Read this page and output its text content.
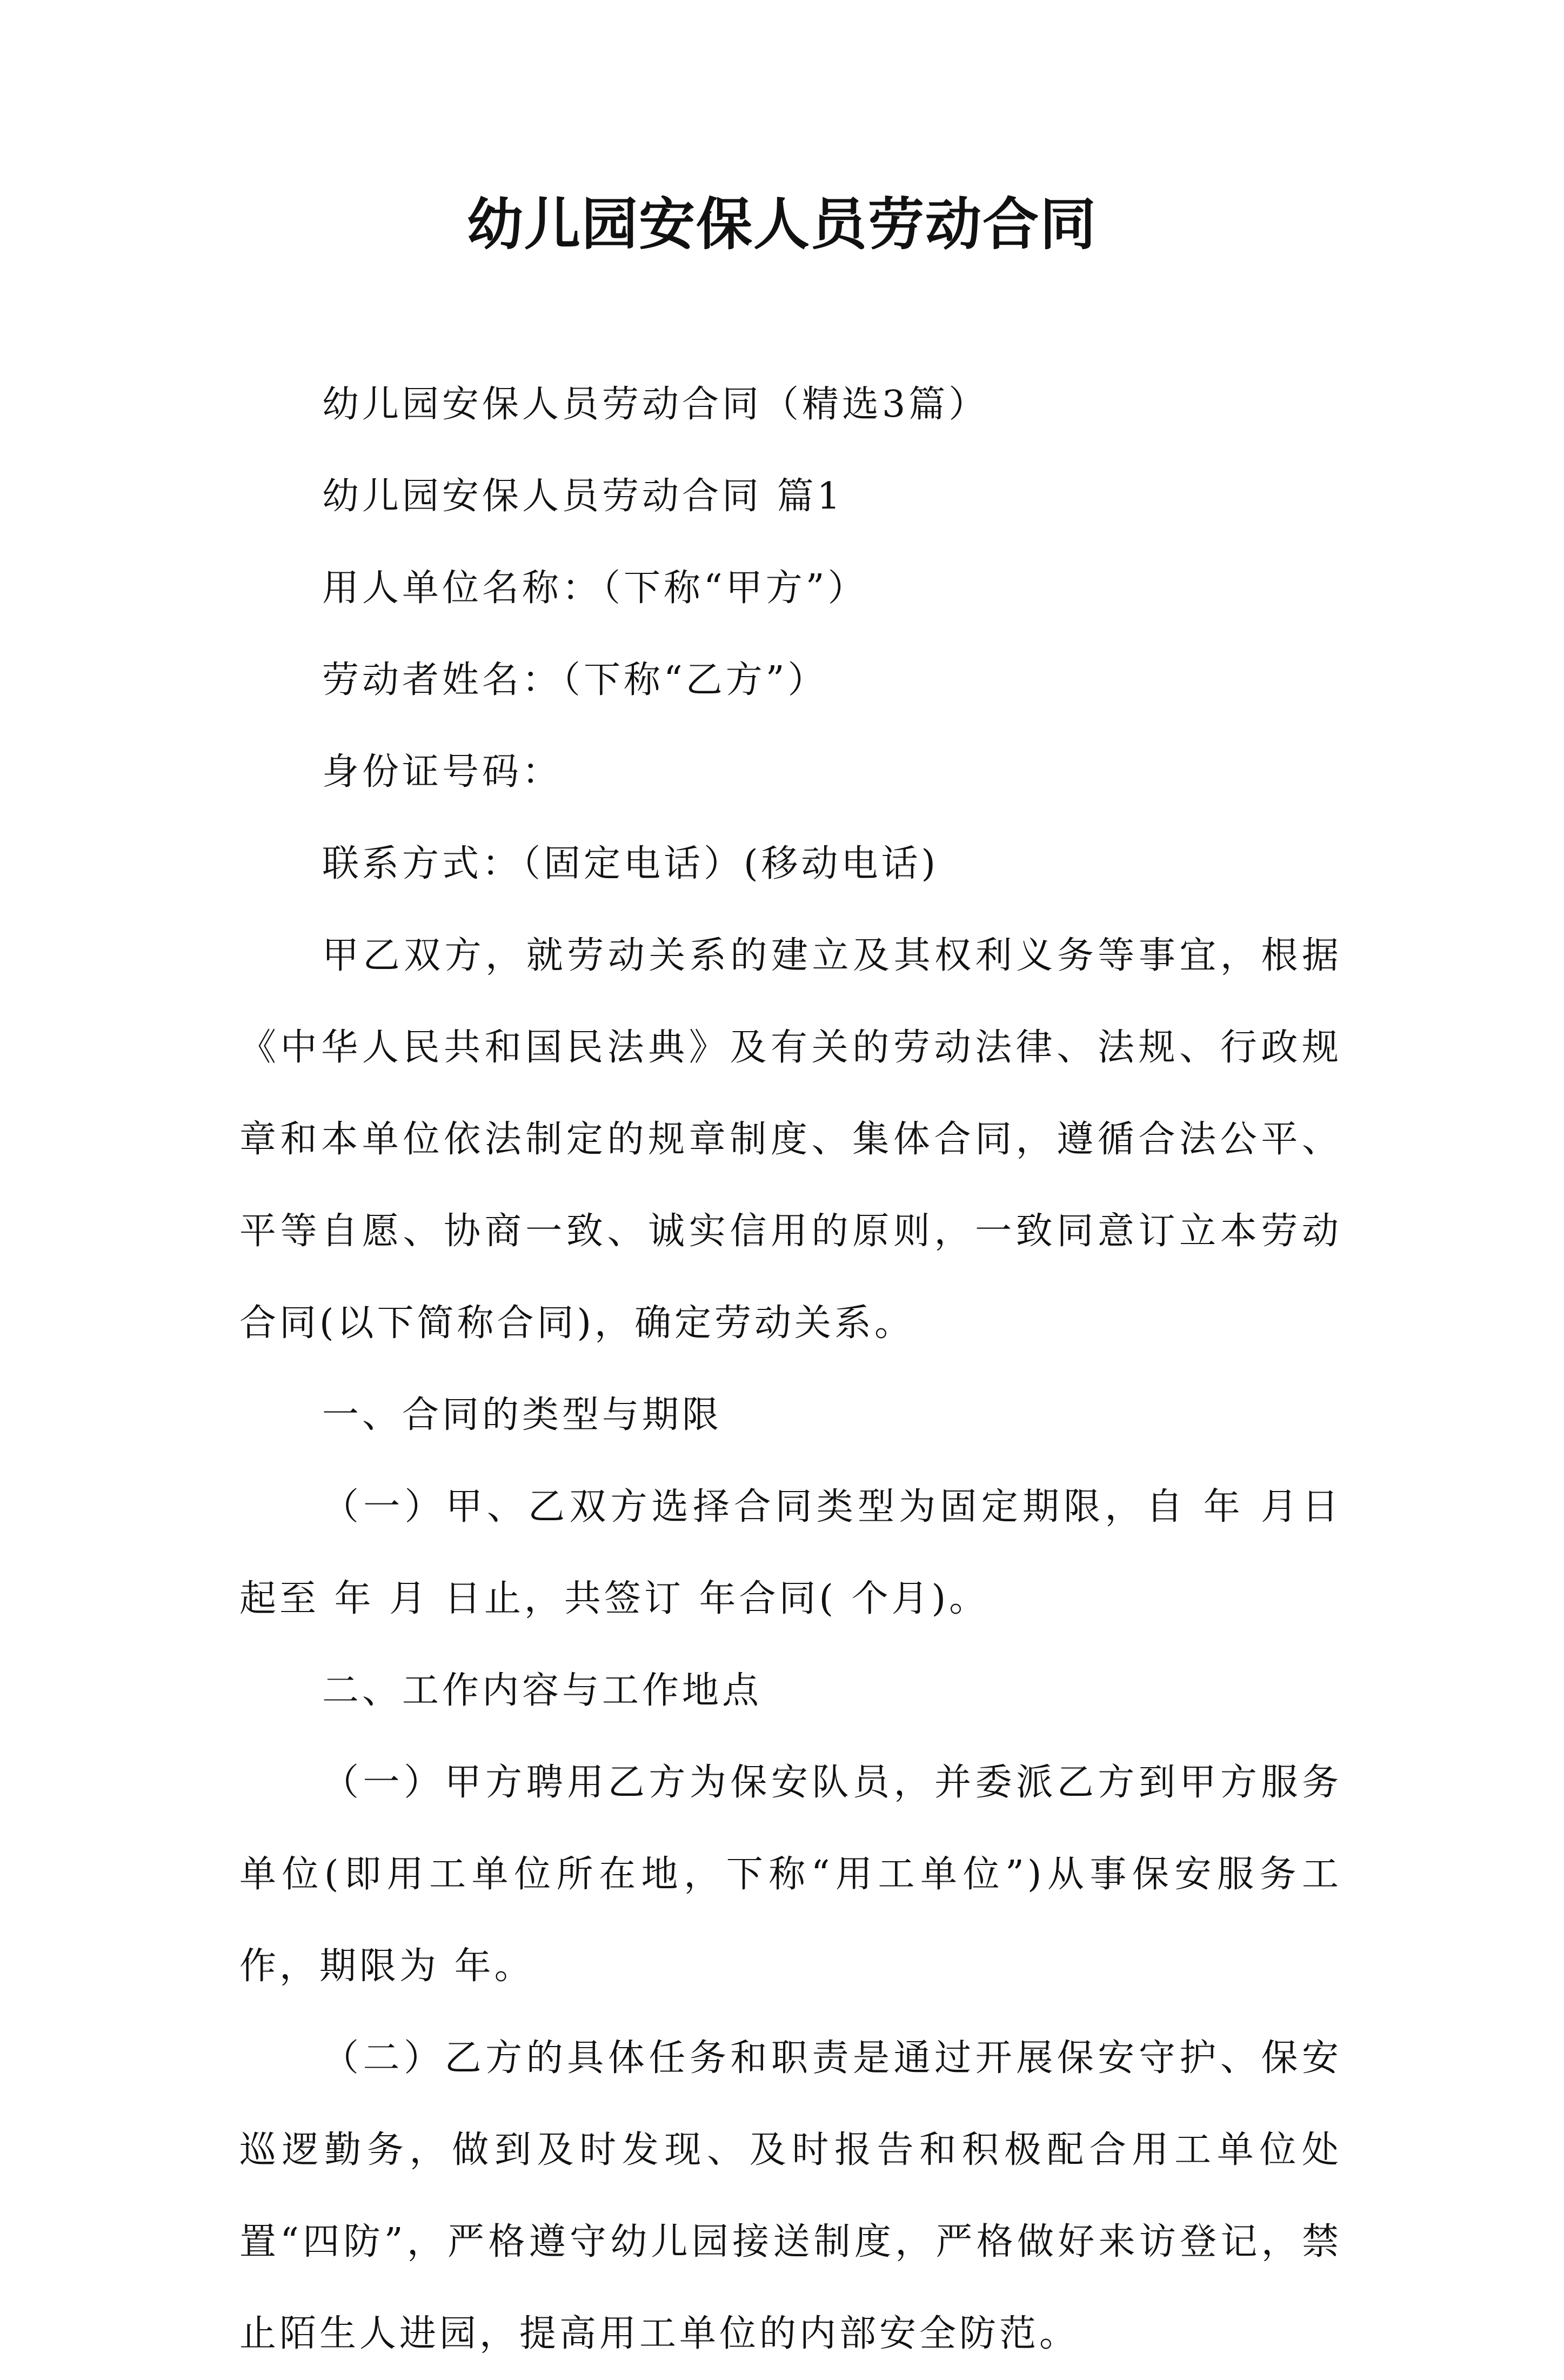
幼儿园安保人员劳动合同

幼儿园安保人员劳动合同（精选3篇）

幼儿园安保人员劳动合同 篇1

用人单位名称：（下称“甲方”）

劳动者姓名：（下称“乙方”）

身份证号码：

联系方式：（固定电话）(移动电话)

甲乙双方，就劳动关系的建立及其权利义务等事宜，根据《中华人民共和国民法典》及有关的劳动法律、法规、行政规章和本单位依法制定的规章制度、集体合同，遵循合法公平、平等自愿、协商一致、诚实信用的原则，一致同意订立本劳动合同(以下简称合同)，确定劳动关系。

一、合同的类型与期限

（一）甲、乙双方选择合同类型为固定期限，自 年 月日起至 年 月 日止，共签订 年合同( 个月)。

二、工作内容与工作地点

（一）甲方聘用乙方为保安队员，并委派乙方到甲方服务单位(即用工单位所在地，下称“用工单位”)从事保安服务工作，期限为 年。

（二）乙方的具体任务和职责是通过开展保安守护、保安巡逻勤务，做到及时发现、及时报告和积极配合用工单位处置“四防”，严格遵守幼儿园接送制度，严格做好来访登记，禁止陌生人进园，提高用工单位的内部安全防范。
